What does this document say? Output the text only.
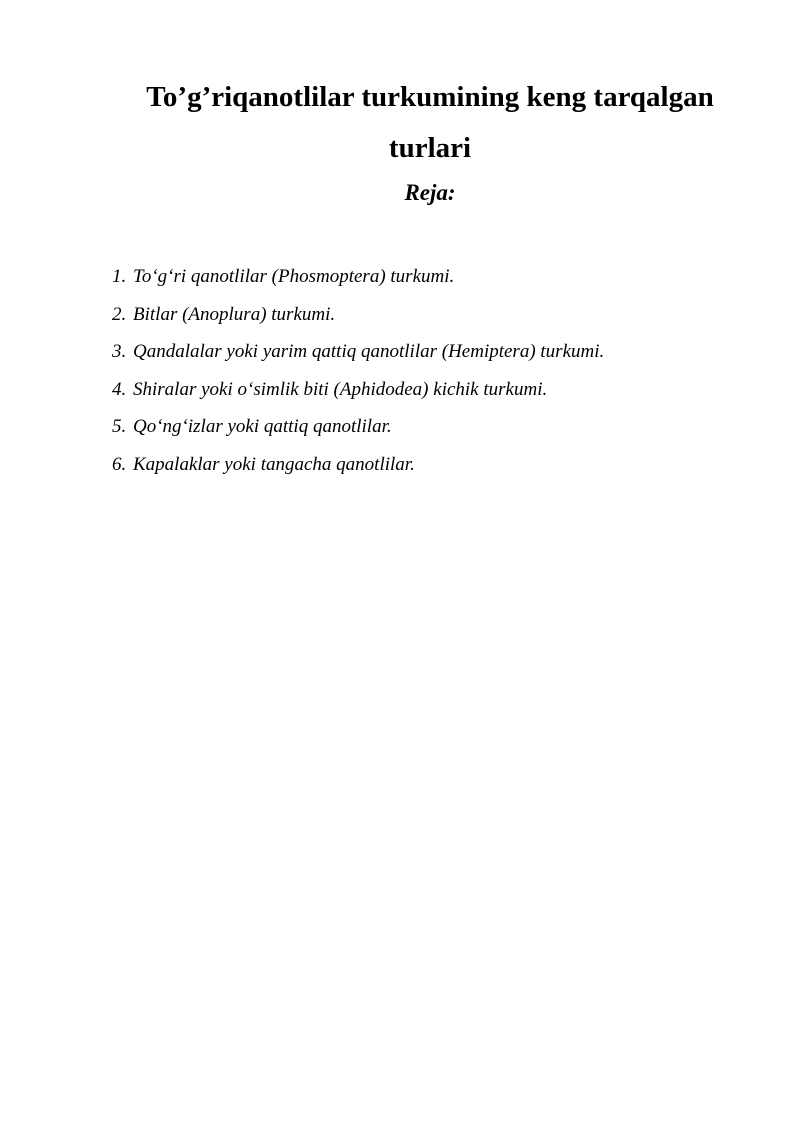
To’g’riqanotlilar turkumining keng tarqalgan turlari
Reja:
1. To‘g‘ri qanotlilar (Phosmoptera) turkumi.
2. Bitlar (Anoplura) turkumi.
3. Qandalalar yoki yarim qattiq qanotlilar (Hemiptera) turkumi.
4. Shiralar yoki o‘simlik biti (Aphidodea) kichik turkumi.
5. Qo‘ng‘izlar yoki qattiq qanotlilar.
6. Kapalaklar yoki tangacha qanotlilar.
